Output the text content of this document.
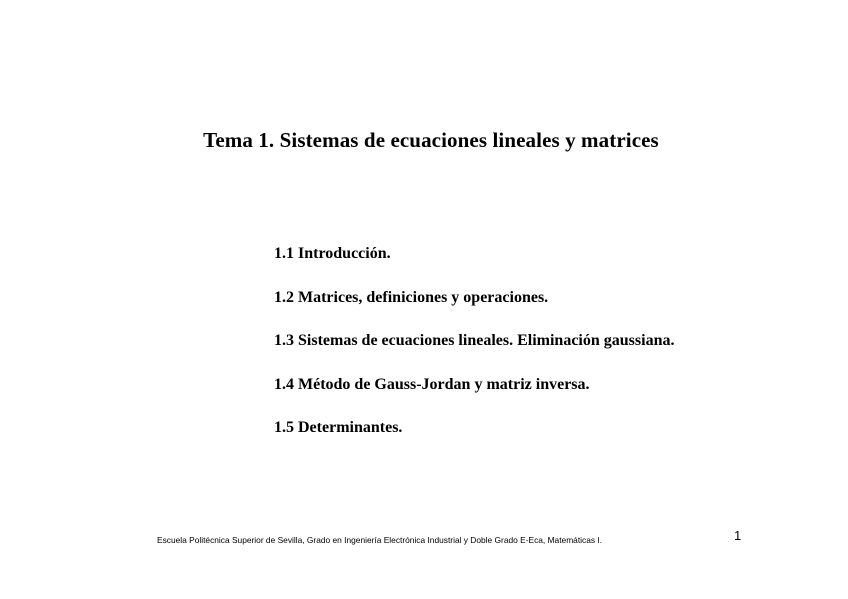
Tema 1. Sistemas de ecuaciones lineales y matrices
1.1 Introducción.
1.2 Matrices, definiciones y operaciones.
1.3 Sistemas de ecuaciones lineales. Eliminación gaussiana.
1.4 Método de Gauss-Jordan y matriz inversa.
1.5 Determinantes.
Escuela Politécnica Superior de Sevilla, Grado en Ingeniería Electrónica Industrial y Doble Grado E-Eca, Matemáticas I.	1
